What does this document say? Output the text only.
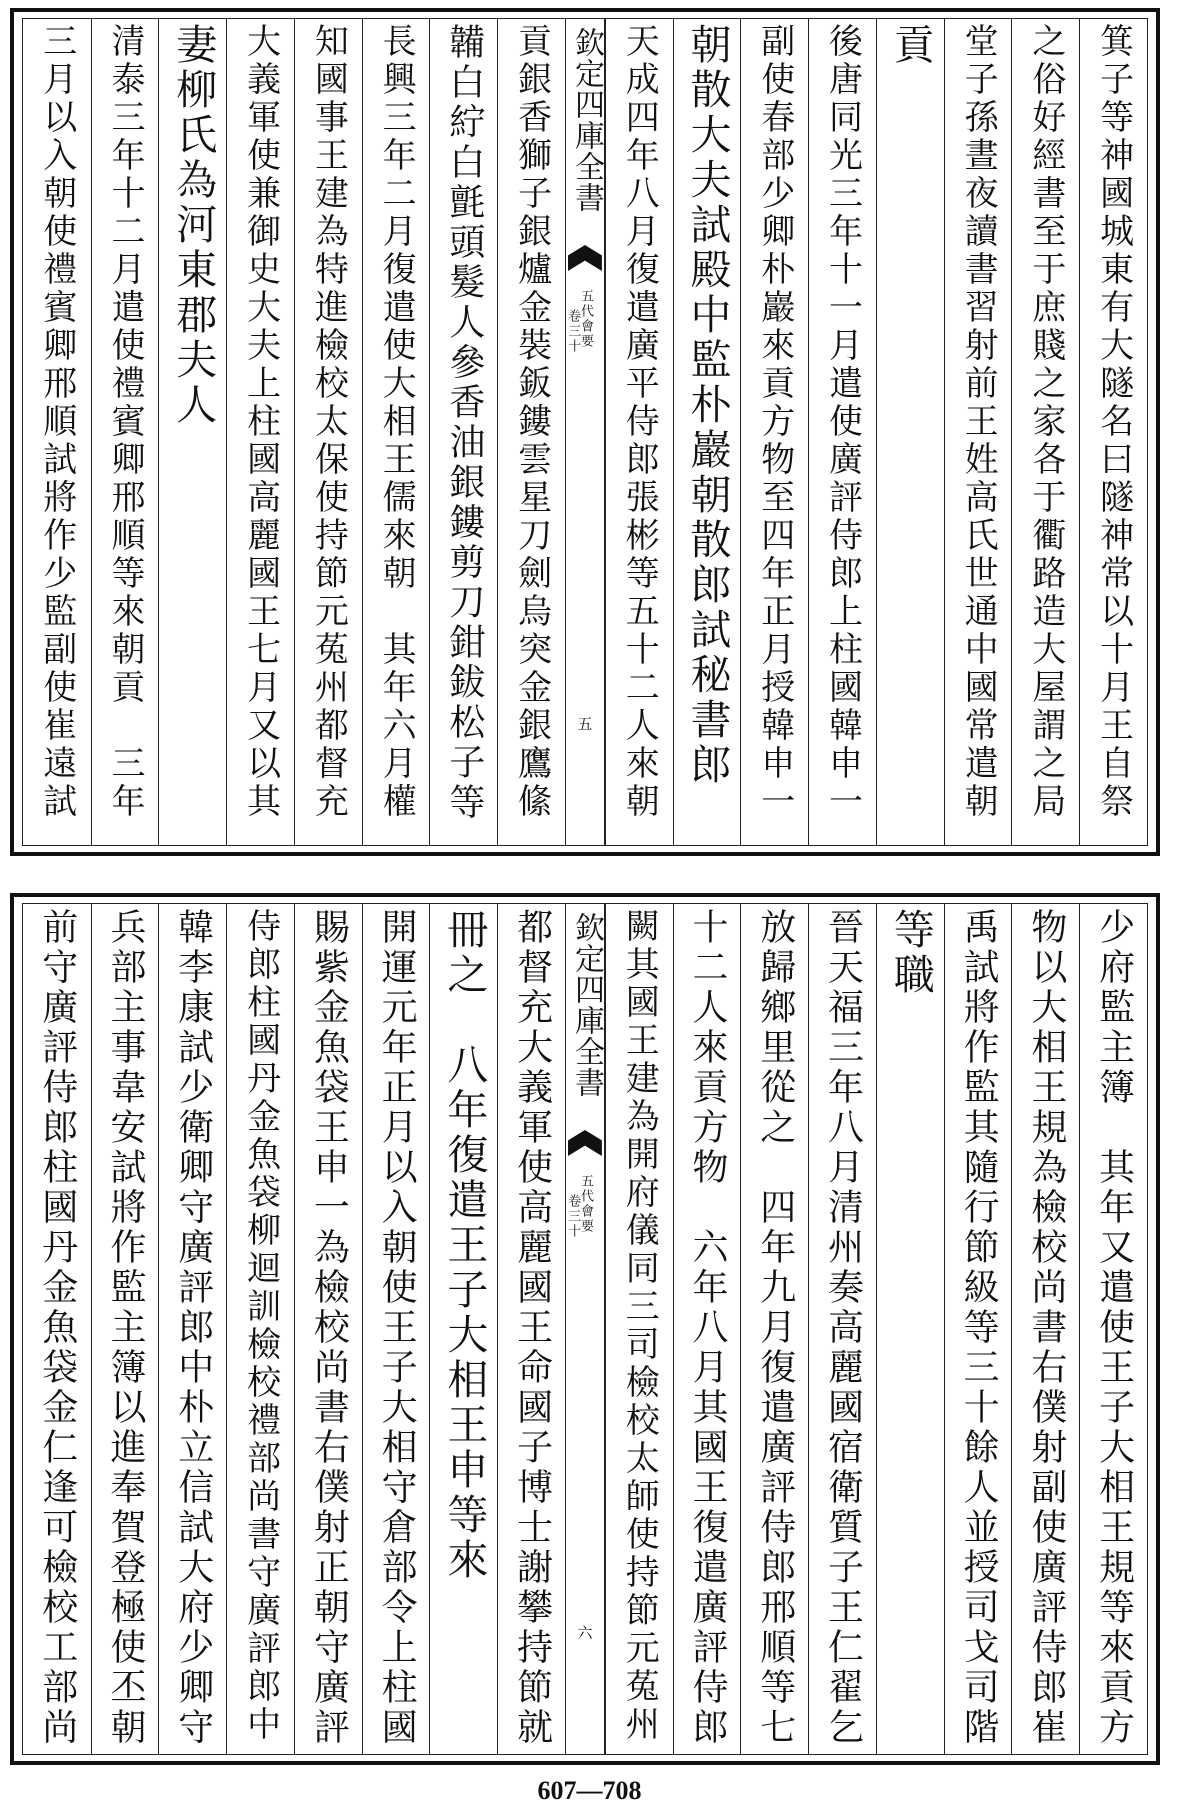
箕子等神國城東有大隧名曰隧神常以十月王自祭
之俗好經書至于庶賤之家各于衢路造大屋謂之局
堂子孫晝夜讀書習射前王姓高氏世通中國常遣朝
貢
後唐同光三年十一月遣使廣評侍郎上柱國韓申一
副使春部少卿朴巖來貢方物至四年正月授韓申一
朝散大夫試殿中監朴巖朝散郎試秘書郎
天成四年八月復遣廣平侍郎張彬等五十二人來朝
欽定四庫全書
五代會要
卷三十
五
貢銀香獅子銀爐金裝鈑鏤雲星刀劍烏突金銀鷹絛
韛白紵白氈頭髮人參香油銀鏤剪刀鉗鈸松子等
長興三年二月復遣使大相王儒來朝　其年六月權
知國事王建為特進檢校太保使持節元菟州都督充
大義軍使兼御史大夫上柱國高麗國王七月又以其
妻柳氏為河東郡夫人
清泰三年十二月遣使禮賓卿邢順等來朝貢　三年
三月以入朝使禮賓卿邢順試將作少監副使崔遠試
少府監主簿　其年又遣使王子大相王規等來貢方
物以大相王規為檢校尚書右僕射副使廣評侍郎崔
禹試將作監其隨行節級等三十餘人並授司戈司階
等職
晉天福三年八月清州奏高麗國宿衛質子王仁翟乞
放歸鄉里從之　四年九月復遣廣評侍郎邢順等七
十二人來貢方物　六年八月其國王復遣廣評侍郎
闕其國王建為開府儀同三司檢校太師使持節元菟州
欽定四庫全書
五代會要
卷三十
六
都督充大義軍使高麗國王命國子博士謝攀持節就
冊之　八年復遣王子大相王申等來
開運元年正月以入朝使王子大相守倉部令上柱國
賜紫金魚袋王申一為檢校尚書右僕射正朝守廣評
侍郎柱國丹金魚袋柳迴訓檢校禮部尚書守廣評郎中
韓李康試少衛卿守廣評郎中朴立信試大府少卿守
兵部主事韋安試將作監主簿以進奉賀登極使丕朝
前守廣評侍郎柱國丹金魚袋金仁逢可檢校工部尚
607—708
